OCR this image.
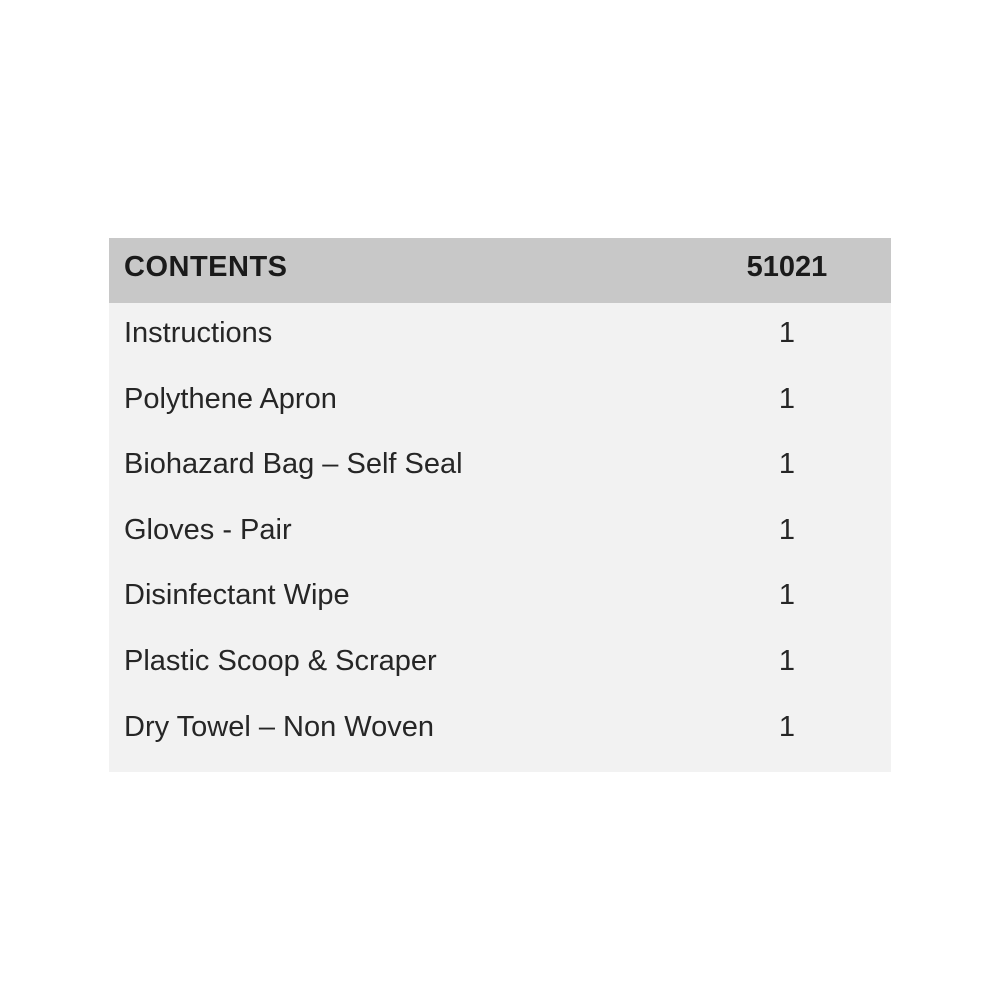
CONTENTS	51021
Instructions	1
Polythene Apron	1
Biohazard Bag – Self Seal	1
Gloves - Pair	1
Disinfectant Wipe	1
Plastic Scoop & Scraper	1
Dry Towel – Non Woven	1
